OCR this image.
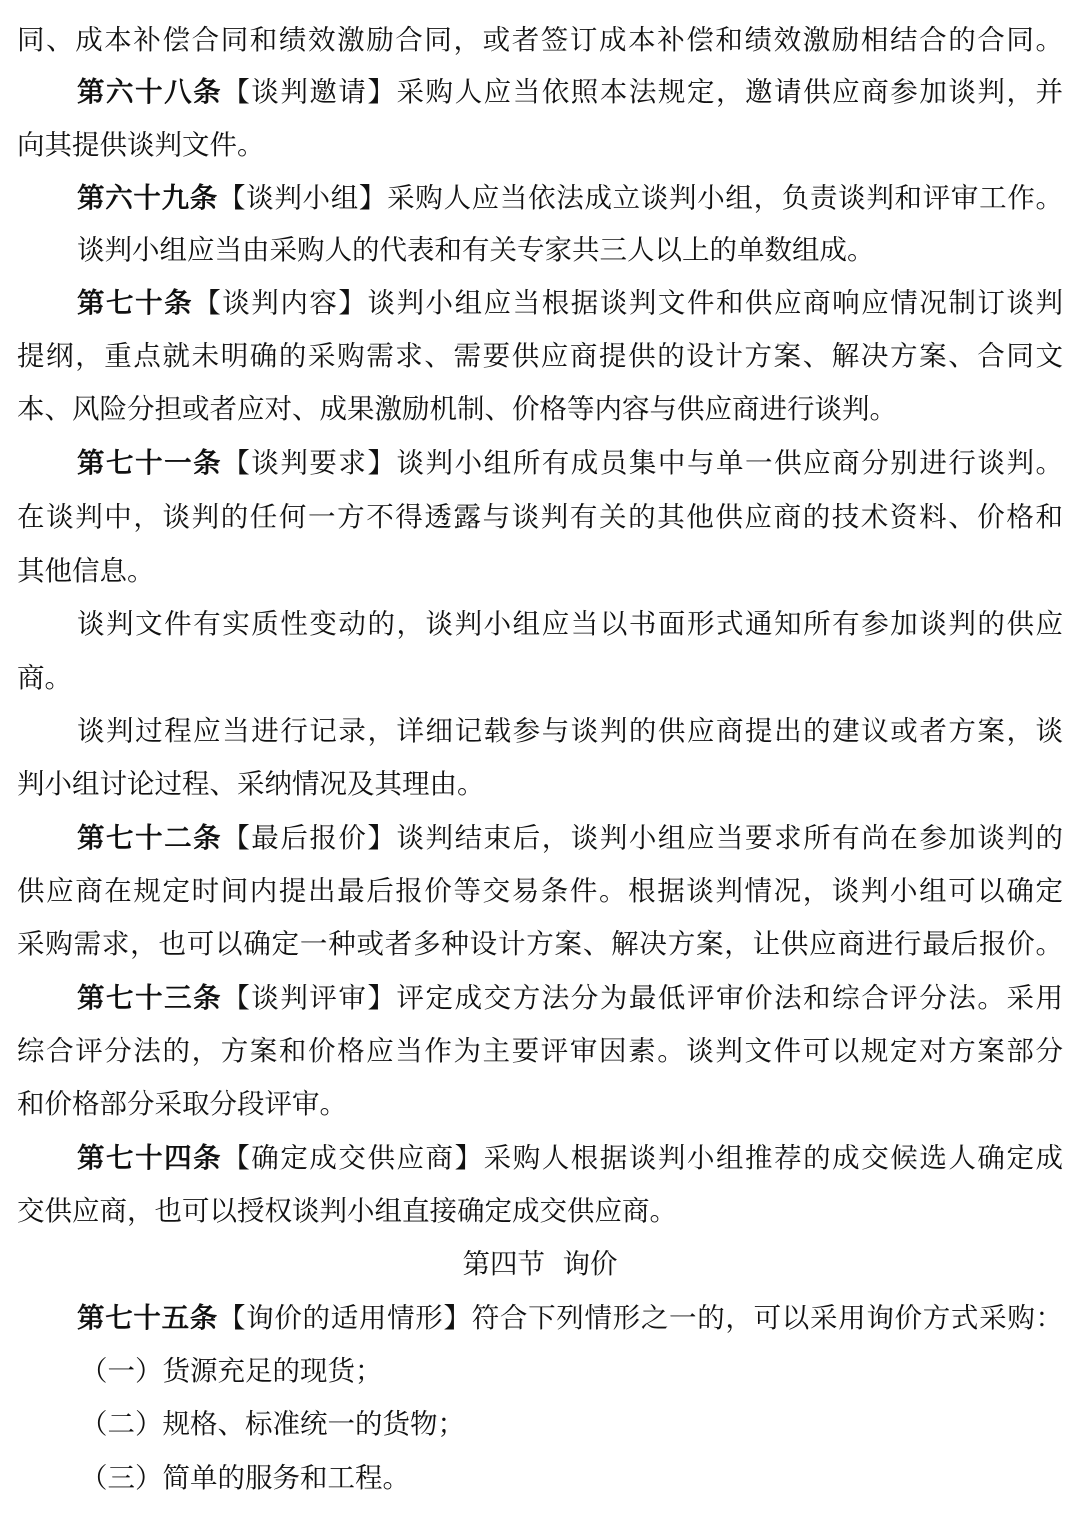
同、成本补偿合同和绩效激励合同，或者签订成本补偿和绩效激励相结合的合同。
第六十八条【谈判邀请】采购人应当依照本法规定，邀请供应商参加谈判，并
向其提供谈判文件。
第六十九条【谈判小组】采购人应当依法成立谈判小组，负责谈判和评审工作。
谈判小组应当由采购人的代表和有关专家共三人以上的单数组成。
第七十条【谈判内容】谈判小组应当根据谈判文件和供应商响应情况制订谈判
提纲，重点就未明确的采购需求、需要供应商提供的设计方案、解决方案、合同文
本、风险分担或者应对、成果激励机制、价格等内容与供应商进行谈判。
第七十一条【谈判要求】谈判小组所有成员集中与单一供应商分别进行谈判。
在谈判中，谈判的任何一方不得透露与谈判有关的其他供应商的技术资料、价格和
其他信息。
谈判文件有实质性变动的，谈判小组应当以书面形式通知所有参加谈判的供应
商。
谈判过程应当进行记录，详细记载参与谈判的供应商提出的建议或者方案，谈
判小组讨论过程、采纳情况及其理由。
第七十二条【最后报价】谈判结束后，谈判小组应当要求所有尚在参加谈判的
供应商在规定时间内提出最后报价等交易条件。根据谈判情况，谈判小组可以确定
采购需求，也可以确定一种或者多种设计方案、解决方案，让供应商进行最后报价。
第七十三条【谈判评审】评定成交方法分为最低评审价法和综合评分法。采用
综合评分法的，方案和价格应当作为主要评审因素。谈判文件可以规定对方案部分
和价格部分采取分段评审。
第七十四条【确定成交供应商】采购人根据谈判小组推荐的成交候选人确定成
交供应商，也可以授权谈判小组直接确定成交供应商。
第四节  询价
第七十五条【询价的适用情形】符合下列情形之一的，可以采用询价方式采购：
（一）货源充足的现货；
（二）规格、标准统一的货物；
（三）简单的服务和工程。
